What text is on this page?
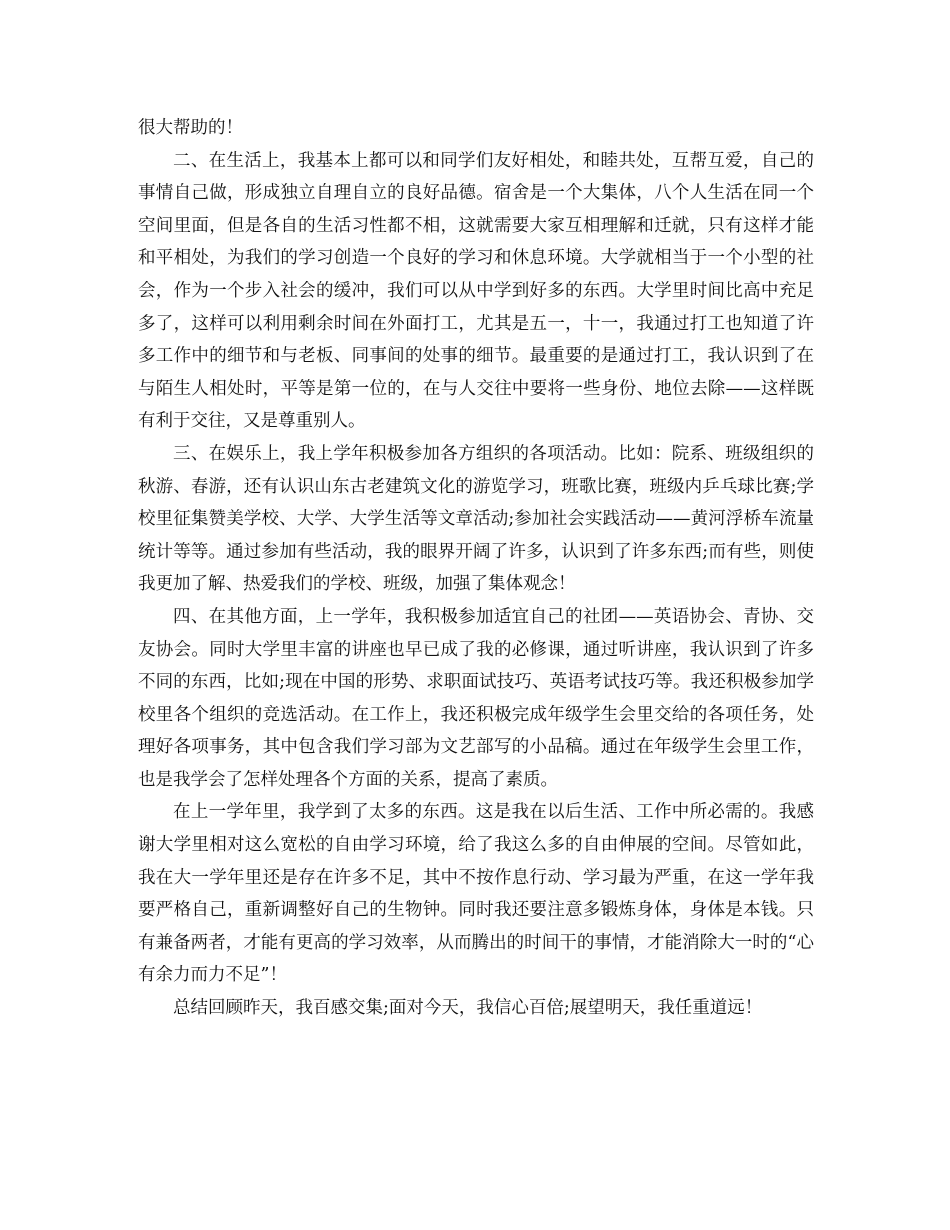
很大帮助的！

二、在生活上，我基本上都可以和同学们友好相处，和睦共处，互帮互爱，自己的事情自己做，形成独立自理自立的良好品德。宿舍是一个大集体，八个人生活在同一个空间里面，但是各自的生活习性都不相，这就需要大家互相理解和迁就，只有这样才能和平相处，为我们的学习创造一个良好的学习和休息环境。大学就相当于一个小型的社会，作为一个步入社会的缓冲，我们可以从中学到好多的东西。大学里时间比高中充足多了，这样可以利用剩余时间在外面打工，尤其是五一，十一，我通过打工也知道了许多工作中的细节和与老板、同事间的处事的细节。最重要的是通过打工，我认识到了在与陌生人相处时，平等是第一位的，在与人交往中要将一些身份、地位去除——这样既有利于交往，又是尊重别人。

三、在娱乐上，我上学年积极参加各方组织的各项活动。比如：院系、班级组织的秋游、春游，还有认识山东古老建筑文化的游览学习，班歌比赛，班级内乒乓球比赛;学校里征集赞美学校、大学、大学生活等文章活动;参加社会实践活动——黄河浮桥车流量统计等等。通过参加有些活动，我的眼界开阔了许多，认识到了许多东西;而有些，则使我更加了解、热爱我们的学校、班级，加强了集体观念！

四、在其他方面，上一学年，我积极参加适宜自己的社团——英语协会、青协、交友协会。同时大学里丰富的讲座也早已成了我的必修课，通过听讲座，我认识到了许多不同的东西，比如;现在中国的形势、求职面试技巧、英语考试技巧等。我还积极参加学校里各个组织的竞选活动。在工作上，我还积极完成年级学生会里交给的各项任务，处理好各项事务，其中包含我们学习部为文艺部写的小品稿。通过在年级学生会里工作，也是我学会了怎样处理各个方面的关系，提高了素质。

在上一学年里，我学到了太多的东西。这是我在以后生活、工作中所必需的。我感谢大学里相对这么宽松的自由学习环境，给了我这么多的自由伸展的空间。尽管如此，我在大一学年里还是存在许多不足，其中不按作息行动、学习最为严重，在这一学年我要严格自己，重新调整好自己的生物钟。同时我还要注意多锻炼身体，身体是本钱。只有兼备两者，才能有更高的学习效率，从而腾出的时间干的事情，才能消除大一时的“心有余力而力不足”！

总结回顾昨天，我百感交集;面对今天，我信心百倍;展望明天，我任重道远！
